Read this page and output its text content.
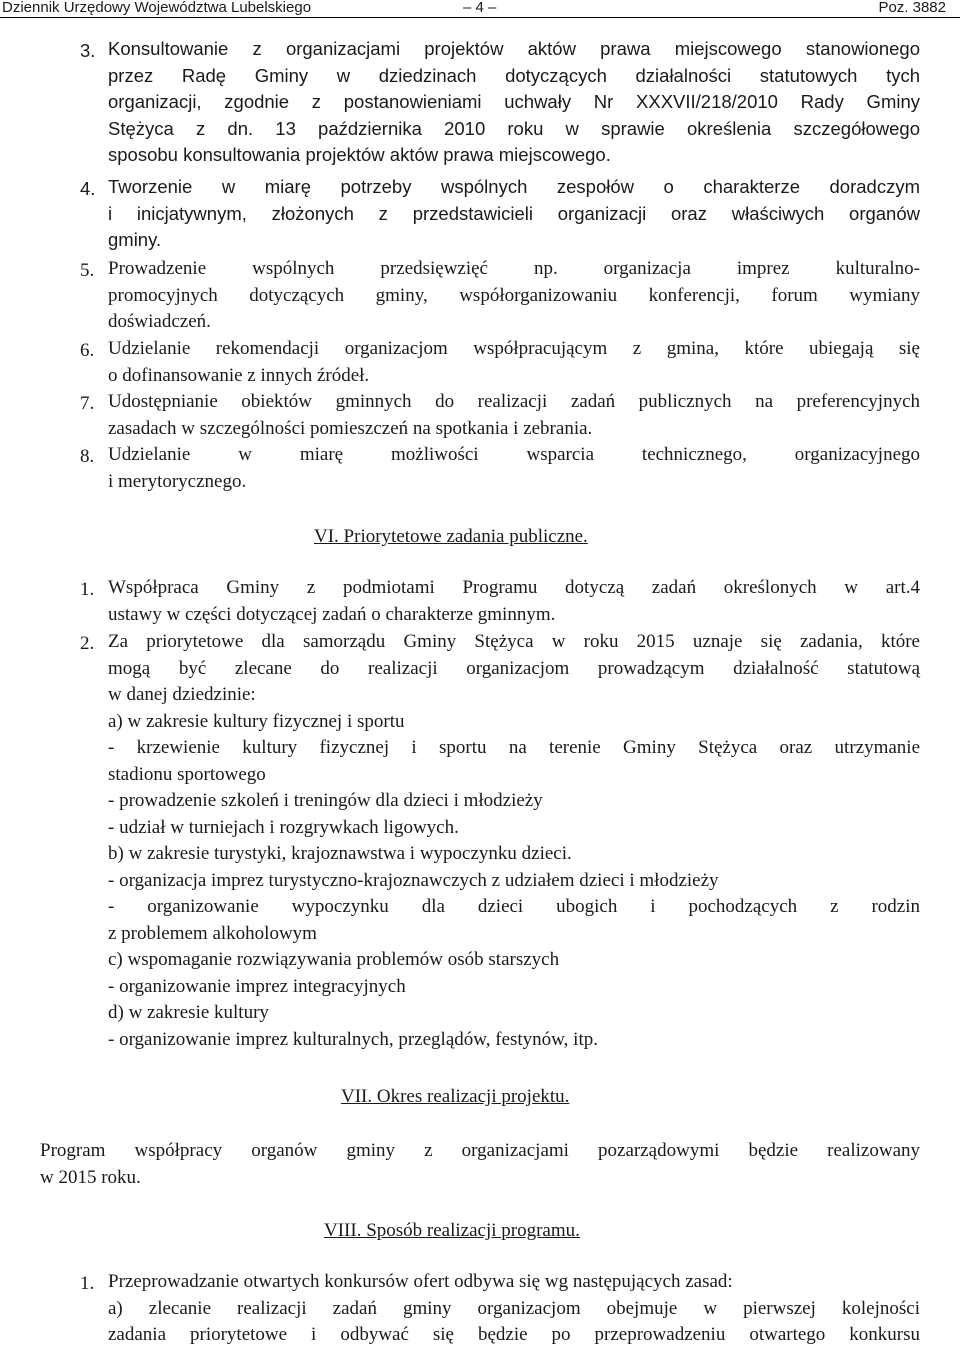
Dziennik Urzędowy Województwa Lubelskiego	– 4 –	Poz. 3882
3. Konsultowanie z organizacjami projektów aktów prawa miejscowego stanowionego
przez Radę Gminy w dziedzinach dotyczących działalności statutowych tych
organizacji, zgodnie z postanowieniami uchwały Nr XXXVII/218/2010 Rady Gminy
Stężyca z dn. 13 października 2010 roku w sprawie określenia szczegółowego
sposobu konsultowania projektów aktów prawa miejscowego.
4. Tworzenie w miarę potrzeby wspólnych zespołów o charakterze doradczym
i inicjatywnym, złożonych z przedstawicieli organizacji oraz właściwych organów
gminy.
5. Prowadzenie wspólnych przedsięwzięć np. organizacja imprez kulturalno-
promocyjnych dotyczących gminy, współorganizowaniu konferencji, forum wymiany
doświadczeń.
6. Udzielanie rekomendacji organizacjom współpracującym z gmina, które ubiegają się
o dofinansowanie z innych źródeł.
7. Udostępnianie obiektów gminnych do realizacji zadań publicznych na preferencyjnych
zasadach w szczególności pomieszczeń na spotkania i zebrania.
8. Udzielanie w miarę możliwości wsparcia technicznego, organizacyjnego
i merytorycznego.
VI. Priorytetowe zadania publiczne.
1. Współpraca Gminy z podmiotami Programu dotyczą zadań określonych w art.4
ustawy w części dotyczącej zadań o charakterze gminnym.
2. Za priorytetowe dla samorządu Gminy Stężyca w roku 2015 uznaje się zadania, które
mogą być zlecane do realizacji organizacjom prowadzącym działalność statutową
w danej dziedzinie:
a) w zakresie kultury fizycznej i sportu
- krzewienie kultury fizycznej i sportu na terenie Gminy Stężyca oraz utrzymanie
stadionu sportowego
- prowadzenie szkoleń i treningów dla dzieci i młodzieży
- udział w turniejach i rozgrywkach ligowych.
b) w zakresie turystyki, krajoznawstwa i wypoczynku dzieci.
- organizacja imprez turystyczno-krajoznawczych z udziałem dzieci i młodzieży
- organizowanie wypoczynku dla dzieci ubogich i pochodzących z rodzin
z problemem alkoholowym
c) wspomaganie rozwiązywania problemów osób starszych
- organizowanie imprez integracyjnych
d) w zakresie kultury
- organizowanie imprez kulturalnych, przeglądów, festynów, itp.
VII. Okres realizacji projektu.
Program współpracy organów gminy z organizacjami pozarządowymi będzie realizowany
w 2015 roku.
VIII. Sposób realizacji programu.
1. Przeprowadzanie otwartych konkursów ofert odbywa się wg następujących zasad:
a) zlecanie realizacji zadań gminy organizacjom obejmuje w pierwszej kolejności
zadania priorytetowe i odbywać się będzie po przeprowadzeniu otwartego konkursu
